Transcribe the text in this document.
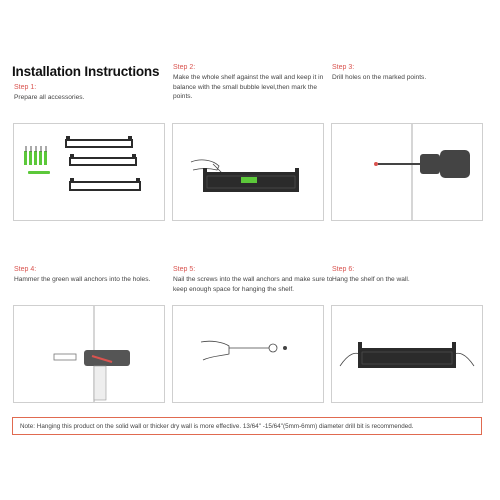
Installation Instructions
Step 1:
Prepare all accessories.
Step 2:
Make the whole shelf against the wall and keep it in balance with the small bubble level,then mark the points.
Step 3:
Drill holes on the marked points.
Step 4:
Hammer the green wall anchors into the holes.
Step 5:
Nail the screws into the wall anchors and make sure to keep enough space for hanging the shelf.
Step 6:
Hang the shelf on the wall.
Note: Hanging this product on the solid wall or thicker dry wall is more effective. 13/64'' -15/64''(5mm-6mm) diameter drill bit is recommended.
